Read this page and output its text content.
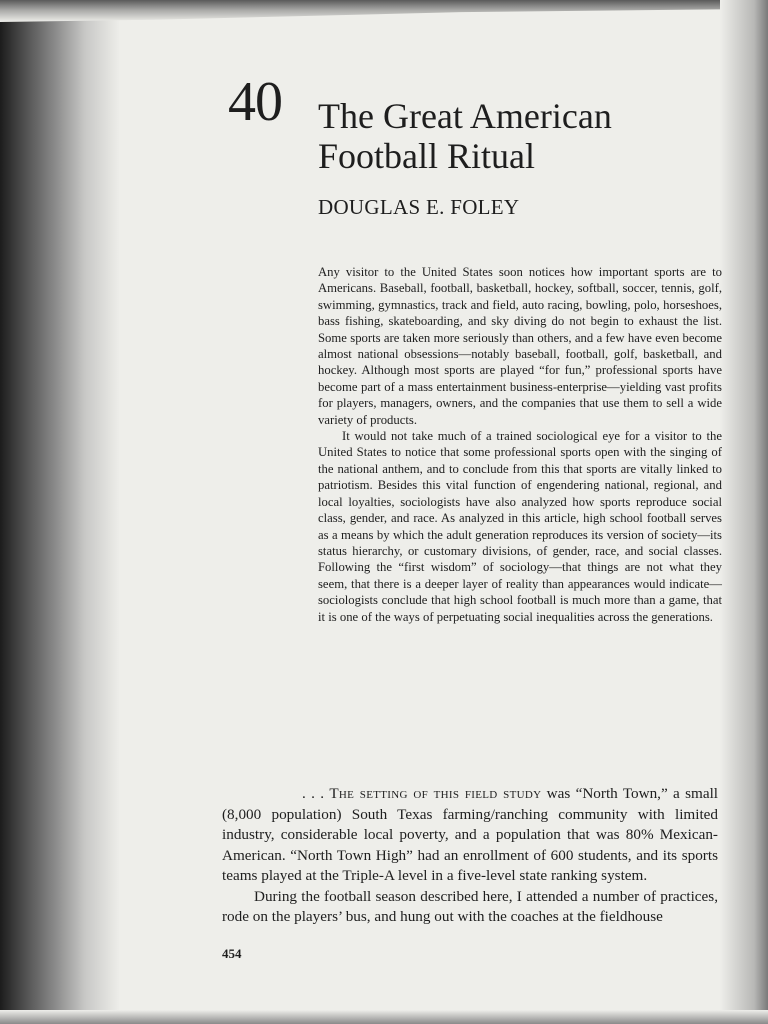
40 The Great American Football Ritual
DOUGLAS E. FOLEY

Any visitor to the United States soon notices how important sports are to Americans. Baseball, football, basketball, hockey, softball, soccer, tennis, golf, swimming, gymnastics, track and field, auto racing, bowling, polo, horseshoes, bass fishing, skateboarding, and sky diving do not begin to exhaust the list. Some sports are taken more seriously than others, and a few have even become almost national obsessions—notably baseball, football, golf, basketball, and hockey. Although most sports are played “for fun,” professional sports have become part of a mass entertainment business-enterprise—yielding vast profits for players, managers, owners, and the companies that use them to sell a wide variety of products.

It would not take much of a trained sociological eye for a visitor to the United States to notice that some professional sports open with the singing of the national anthem, and to conclude from this that sports are vitally linked to patriotism. Besides this vital function of engendering national, regional, and local loyalties, sociologists have also analyzed how sports reproduce social class, gender, and race. As analyzed in this article, high school football serves as a means by which the adult generation reproduces its version of society—its status hierarchy, or customary divisions, of gender, race, and social classes. Following the “first wisdom” of sociology—that things are not what they seem, that there is a deeper layer of reality than appearances would indicate—sociologists conclude that high school football is much more than a game, that it is one of the ways of perpetuating social inequalities across the generations.

. . . The setting of this field study was “North Town,” a small (8,000 population) South Texas farming/ranching community with limited industry, considerable local poverty, and a population that was 80% Mexican-American. “North Town High” had an enrollment of 600 students, and its sports teams played at the Triple-A level in a five-level state ranking system.

During the football season described here, I attended a number of practices, rode on the players’ bus, and hung out with the coaches at the fieldhouse

454
